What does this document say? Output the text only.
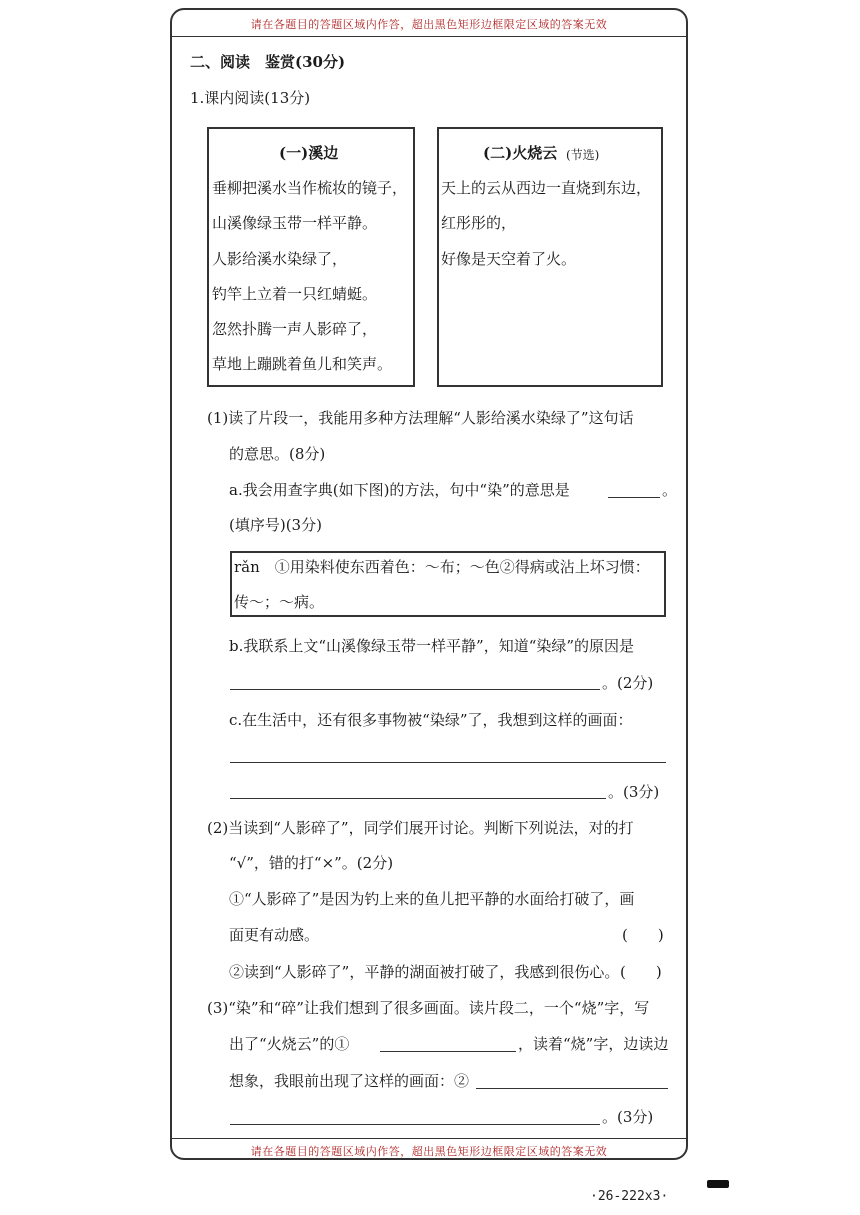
请在各题目的答题区域内作答，超出黑色矩形边框限定区域的答案无效
请在各题目的答题区域内作答，超出黑色矩形边框限定区域的答案无效
二、阅读　鉴赏(30分)
1.课内阅读(13分)
(一)溪边
垂柳把溪水当作梳妆的镜子，
山溪像绿玉带一样平静。
人影给溪水染绿了，
钓竿上立着一只红蜻蜓。
忽然扑腾一声人影碎了，
草地上蹦跳着鱼儿和笑声。
(二)火烧云 (节选)
天上的云从西边一直烧到东边，
红彤彤的，
好像是天空着了火。
(1)读了片段一，我能用多种方法理解“人影给溪水染绿了”这句话
的意思。(8分)
a.我会用查字典(如下图)的方法，句中“染”的意思是	。
(填序号)(3分)
rǎn　①用染料使东西着色：～布；～色②得病或沾上坏习惯：
传～；～病。
b.我联系上文“山溪像绿玉带一样平静”，知道“染绿”的原因是
。(2分)
c.在生活中，还有很多事物被“染绿”了，我想到这样的画面：
。(3分)
(2)当读到“人影碎了”，同学们展开讨论。判断下列说法，对的打
“√”，错的打“×”。(2分)
①“人影碎了”是因为钓上来的鱼儿把平静的水面给打破了，画
面更有动感。	(　　)
②读到“人影碎了”，平静的湖面被打破了，我感到很伤心。 (　　)
(3)“染”和“碎”让我们想到了很多画面。读片段二，一个“烧”字，写
出了“火烧云”的①	，读着“烧”字，边读边
想象，我眼前出现了这样的画面：②
。(3分)
·26-222x3·
